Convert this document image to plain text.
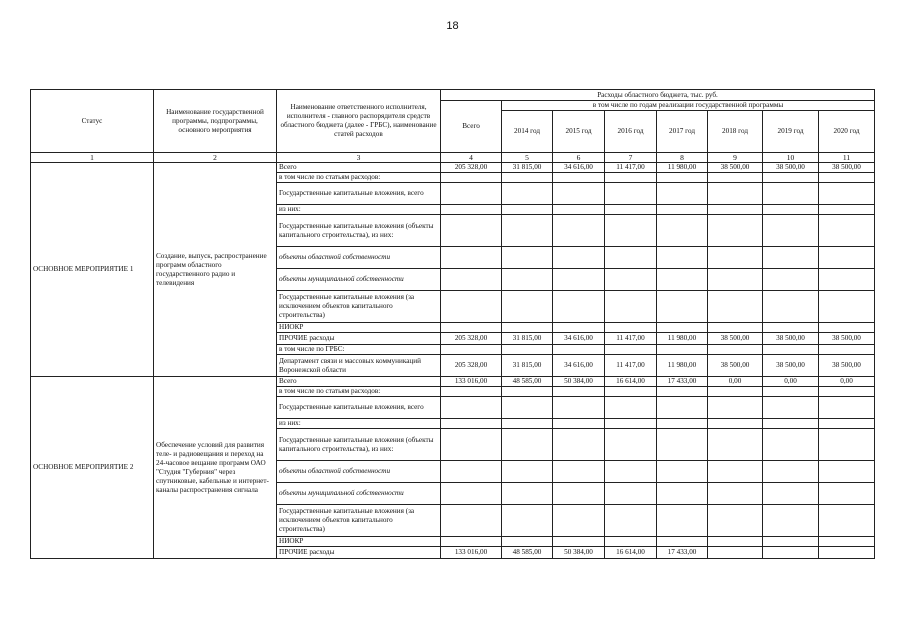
18
Статус	Наименование государственной программы, подпрограммы, основного мероприятия	Наименование ответственного исполнителя, исполнителя - главного распорядителя средств областного бюджета (далее - ГРБС), наименование статей расходов	Расходы областного бюджета, тыс. руб.							
			Всего	в том числе по годам реализации государственной программы						
				2014 год	2015 год	2016 год	2017 год	2018 год	2019 год	2020 год
1	2	3	4	5	6	7	8	9	10	11
ОСНОВНОЕ МЕРОПРИЯТИЕ 1	Создание, выпуск, распространение программ областного государственного радио и телевидения	Всего	205 328,00	31 815,00	34 616,00	11 417,00	11 980,00	38 500,00	38 500,00	38 500,00
		в том числе по статьям расходов:								
		Государственные капитальные вложения, всего								
		из них:								
		Государственные капитальные вложения (объекты капитального строительства), из них:								
		объекты областной собственности								
		объекты муниципальной собственности								
		Государственные капитальные вложения (за исключением объектов капитального строительства)								
		НИОКР								
		ПРОЧИЕ расходы	205 328,00	31 815,00	34 616,00	11 417,00	11 980,00	38 500,00	38 500,00	38 500,00
		в том числе по ГРБС:								
		Департамент связи и массовых коммуникаций Воронежской области	205 328,00	31 815,00	34 616,00	11 417,00	11 980,00	38 500,00	38 500,00	38 500,00
ОСНОВНОЕ МЕРОПРИЯТИЕ 2	Обеспечение условий для развития теле- и радиовещания и переход на 24-часовое вещание программ ОАО "Студия "Губерния" через спутниковые, кабельные и интернет-каналы распространения сигнала	Всего	133 016,00	48 585,00	50 384,00	16 614,00	17 433,00	0,00	0,00	0,00
		в том числе по статьям расходов:								
		Государственные капитальные вложения, всего								
		из них:								
		Государственные капитальные вложения (объекты капитального строительства), из них:								
		объекты областной собственности								
		объекты муниципальной собственности								
		Государственные капитальные вложения (за исключением объектов капитального строительства)								
		НИОКР								
		ПРОЧИЕ расходы	133 016,00	48 585,00	50 384,00	16 614,00	17 433,00			
